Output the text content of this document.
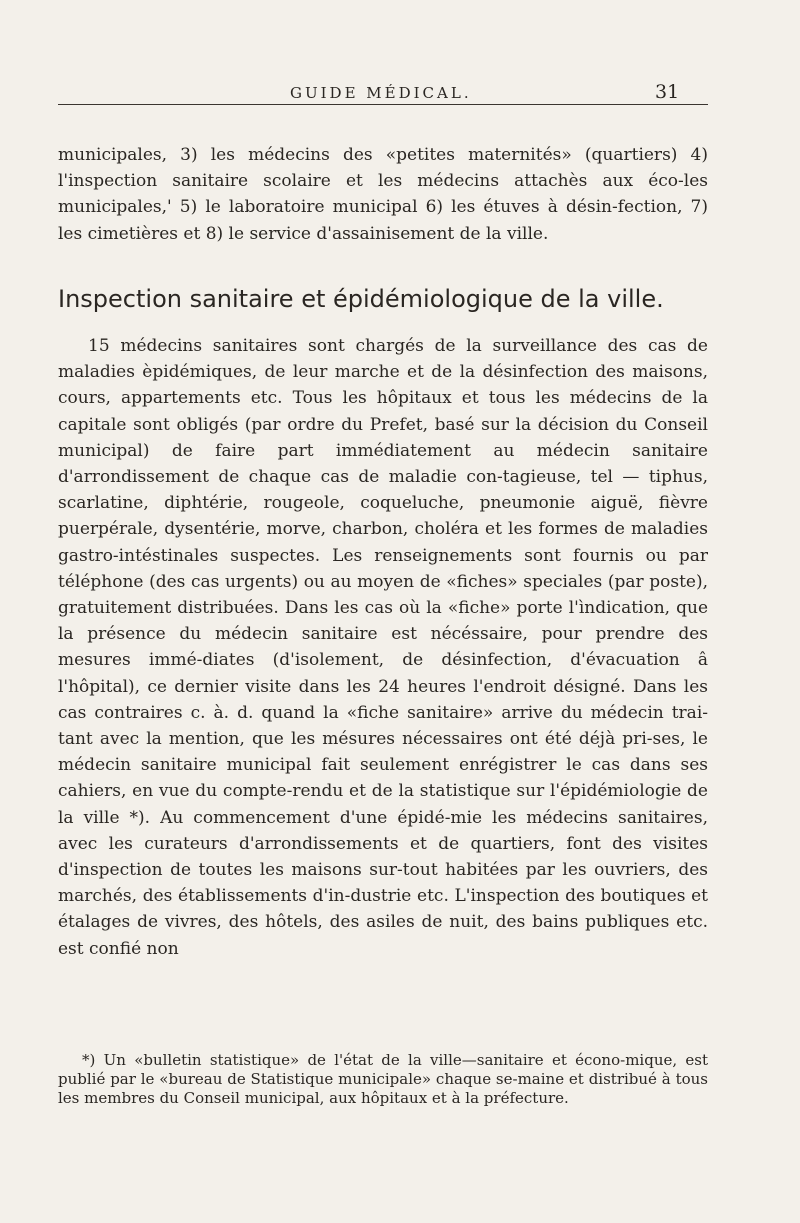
GUIDE MÉDICAL.	31

municipales, 3) les médecins des «petites maternités» (quartiers) 4) l'inspection sanitaire scolaire et les médecins attachès aux éco-les municipales,' 5) le laboratoire municipal 6) les étuves à désin-fection, 7) les cimetières et 8) le service d'assainisement de la ville.

Inspection sanitaire et épidémiologique de la ville.

15 médecins sanitaires sont chargés de la surveillance des cas de maladies èpidémiques, de leur marche et de la désinfection des maisons, cours, appartements etc. Tous les hôpitaux et tous les médecins de la capitale sont obligés (par ordre du Prefet, basé sur la décision du Conseil municipal) de faire part immédiatement au médecin sanitaire d'arrondissement de chaque cas de maladie con-tagieuse, tel — tiphus, scarlatine, diphtérie, rougeole, coqueluche, pneumonie aiguë, fièvre puerpérale, dysentérie, morve, charbon, choléra et les formes de maladies gastro-intéstinales suspectes. Les renseignements sont fournis ou par téléphone (des cas urgents) ou au moyen de «fiches» speciales (par poste), gratuitement distribuées. Dans les cas où la «fiche» porte l'ìndication, que la présence du médecin sanitaire est nécéssaire, pour prendre des mesures immé-diates (d'isolement, de désinfection, d'évacuation â l'hôpital), ce dernier visite dans les 24 heures l'endroit désigné. Dans les cas contraires c. à. d. quand la «fiche sanitaire» arrive du médecin trai-tant avec la mention, que les mésures nécessaires ont été déjà pri-ses, le médecin sanitaire municipal fait seulement enrégistrer le cas dans ses cahiers, en vue du compte-rendu et de la statistique sur l'épidémiologie de la ville *). Au commencement d'une épidé-mie les médecins sanitaires, avec les curateurs d'arrondissements et de quartiers, font des visites d'inspection de toutes les maisons sur-tout habitées par les ouvriers, des marchés, des établissements d'in-dustrie etc. L'inspection des boutiques et étalages de vivres, des hôtels, des asiles de nuit, des bains publiques etc. est confié non

*) Un «bulletin statistique» de l'état de la ville—sanitaire et écono-mique, est publié par le «bureau de Statistique municipale» chaque se-maine et distribué à tous les membres du Conseil municipal, aux hôpitaux et à la préfecture.
